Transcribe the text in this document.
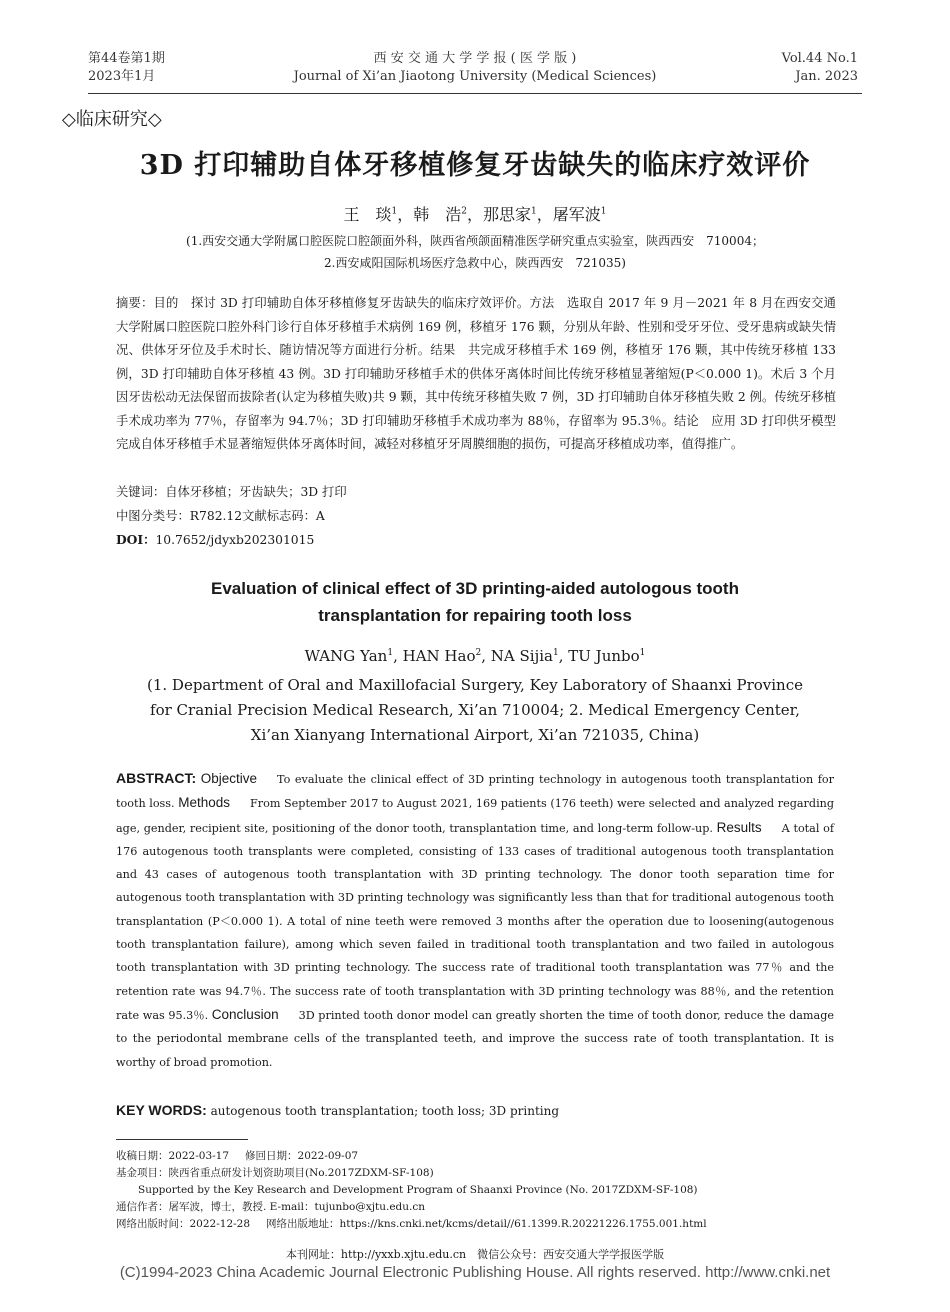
第44卷第1期
2023年1月
西 安 交 通 大 学 学 报 ( 医 学 版 )
Journal of Xi’an Jiaotong University (Medical Sciences)
Vol.44 No.1
Jan. 2023
◇临床研究◇
3D 打印辅助自体牙移植修复牙齿缺失的临床疗效评价
王　琰$^1$，韩　浩$^2$，那思家$^1$，屠军波$^1$
(1.西安交通大学附属口腔医院口腔颌面外科，陕西省颅颌面精准医学研究重点实验室，陕西西安　710004；
2.西安咸阳国际机场医疗急救中心，陕西西安　721035)
摘要：目的　探讨 3D 打印辅助自体牙移植修复牙齿缺失的临床疗效评价。方法　选取自 2017 年 9 月－2021 年 8 月在西安交通大学附属口腔医院口腔外科门诊行自体牙移植手术病例 169 例，移植牙 176 颗，分别从年龄、性别和受牙牙位、受牙患病或缺失情况、供体牙牙位及手术时长、随访情况等方面进行分析。结果　共完成牙移植手术 169 例，移植牙 176 颗，其中传统牙移植 133 例，3D 打印辅助自体牙移植 43 例。3D 打印辅助牙移植手术的供体牙离体时间比传统牙移植显著缩短(P＜0.000 1)。术后 3 个月因牙齿松动无法保留而拔除者(认定为移植失败)共 9 颗，其中传统牙移植失败 7 例，3D 打印辅助自体牙移植失败 2 例。传统牙移植手术成功率为 77％，存留率为 94.7％；3D 打印辅助牙移植手术成功率为 88％，存留率为 95.3％。结论　应用 3D 打印供牙模型完成自体牙移植手术显著缩短供体牙离体时间，减轻对移植牙牙周膜细胞的损伤，可提高牙移植成功率，值得推广。
关键词：自体牙移植；牙齿缺失；3D 打印
中图分类号：R782.12文献标志码：A
DOI：10.7652/jdyxb202301015
Evaluation of clinical effect of 3D printing-aided autologous tooth
transplantation for repairing tooth loss
WANG Yan$^1$, HAN Hao$^2$, NA Sijia$^1$, TU Junbo$^1$
(1. Department of Oral and Maxillofacial Surgery, Key Laboratory of Shaanxi Province
for Cranial Precision Medical Research, Xi’an 710004; 2. Medical Emergency Center,
Xi’an Xianyang International Airport, Xi’an 721035, China)
ABSTRACT: Objective To evaluate the clinical effect of 3D printing technology in autogenous tooth transplantation for tooth loss. Methods From September 2017 to August 2021, 169 patients (176 teeth) were selected and analyzed regarding age, gender, recipient site, positioning of the donor tooth, transplantation time, and long-term follow-up. Results A total of 176 autogenous tooth transplants were completed, consisting of 133 cases of traditional autogenous tooth transplantation and 43 cases of autogenous tooth transplantation with 3D printing technology. The donor tooth separation time for autogenous tooth transplantation with 3D printing technology was significantly less than that for traditional autogenous tooth transplantation (P＜0.000 1). A total of nine teeth were removed 3 months after the operation due to loosening(autogenous tooth transplantation failure), among which seven failed in traditional tooth transplantation and two failed in autologous tooth transplantation with 3D printing technology. The success rate of traditional tooth transplantation was 77％ and the retention rate was 94.7％. The success rate of tooth transplantation with 3D printing technology was 88％, and the retention rate was 95.3％. Conclusion 3D printed tooth donor model can greatly shorten the time of tooth donor, reduce the damage to the periodontal membrane cells of the transplanted teeth, and improve the success rate of tooth transplantation. It is worthy of broad promotion.
KEY WORDS: autogenous tooth transplantation; tooth loss; 3D printing
收稿日期：2022-03-17 修回日期：2022-09-07
基金项目：陕西省重点研发计划资助项目(No.2017ZDXM-SF-108)
Supported by the Key Research and Development Program of Shaanxi Province (No. 2017ZDXM-SF-108)
通信作者：屠军波，博士，教授. E-mail：tujunbo@xjtu.edu.cn
网络出版时间：2022-12-28 网络出版地址：https://kns.cnki.net/kcms/detail//61.1399.R.20221226.1755.001.html
本刊网址：http://yxxb.xjtu.edu.cn　微信公众号：西安交通大学学报医学版
(C)1994-2023 China Academic Journal Electronic Publishing House. All rights reserved. http://www.cnki.net
